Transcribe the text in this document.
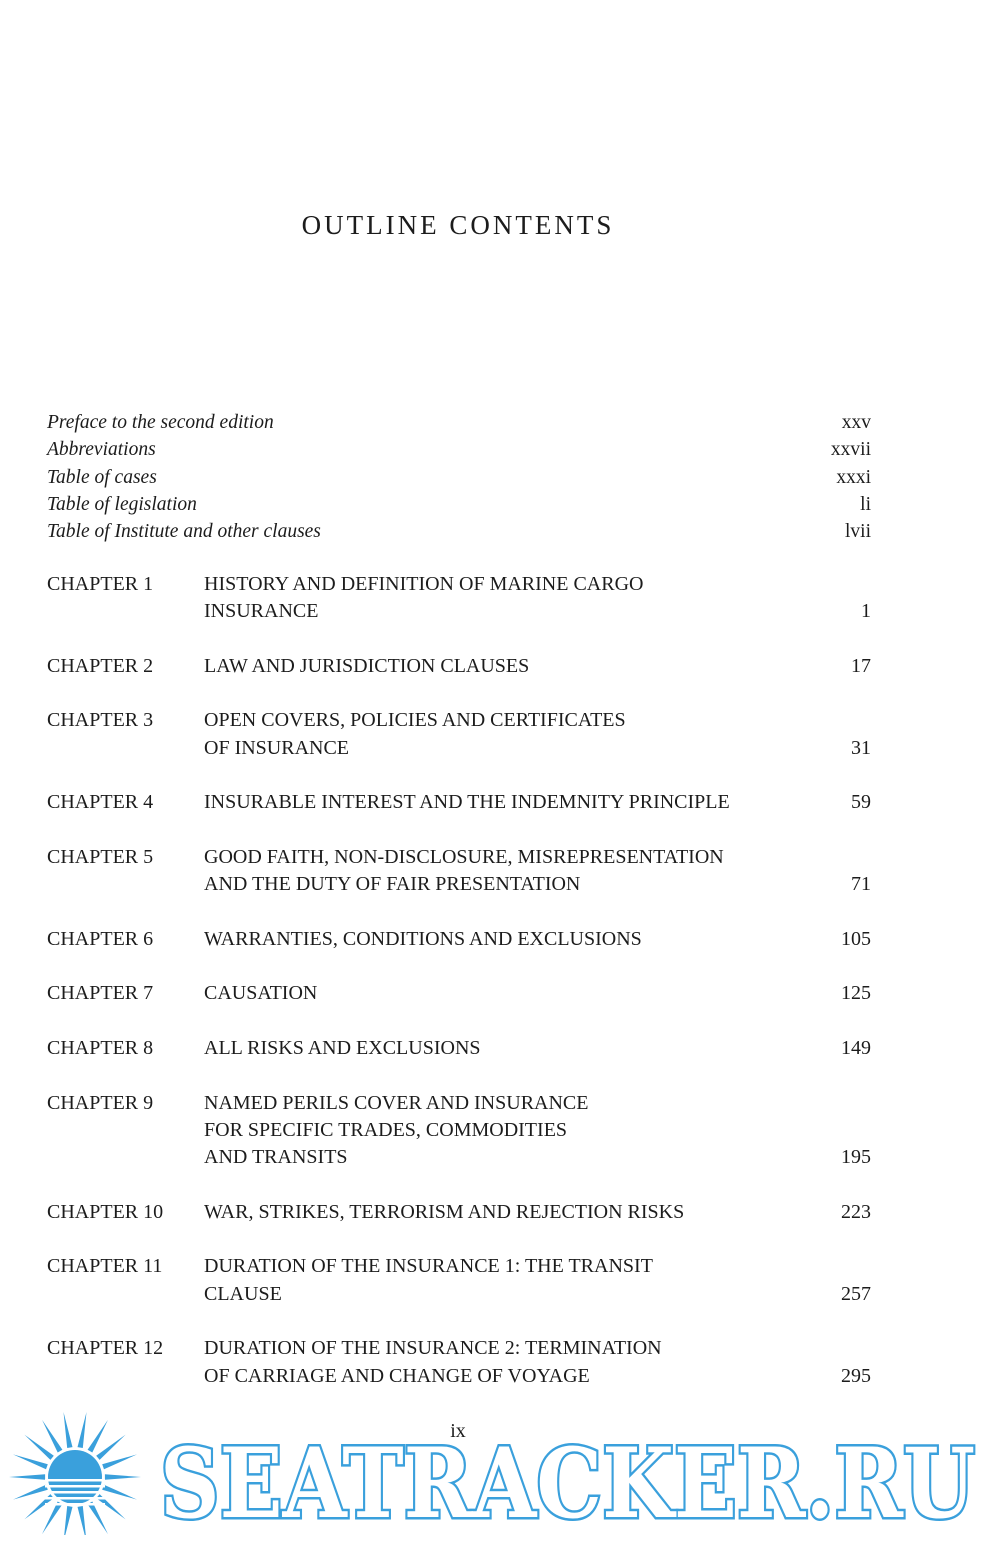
OUTLINE CONTENTS
Preface to the second edition	xxv
Abbreviations	xxvii
Table of cases	xxxi
Table of legislation	li
Table of Institute and other clauses	lvii
CHAPTER 1	HISTORY AND DEFINITION OF MARINE CARGO
INSURANCE	1
CHAPTER 2	LAW AND JURISDICTION CLAUSES	17
CHAPTER 3	OPEN COVERS, POLICIES AND CERTIFICATES
OF INSURANCE	31
CHAPTER 4	INSURABLE INTEREST AND THE INDEMNITY PRINCIPLE	59
CHAPTER 5	GOOD FAITH, NON-DISCLOSURE, MISREPRESENTATION
AND THE DUTY OF FAIR PRESENTATION	71
CHAPTER 6	WARRANTIES, CONDITIONS AND EXCLUSIONS	105
CHAPTER 7	CAUSATION	125
CHAPTER 8	ALL RISKS AND EXCLUSIONS	149
CHAPTER 9	NAMED PERILS COVER AND INSURANCE
FOR SPECIFIC TRADES, COMMODITIES
AND TRANSITS	195
CHAPTER 10	WAR, STRIKES, TERRORISM AND REJECTION RISKS	223
CHAPTER 11	DURATION OF THE INSURANCE 1: THE TRANSIT
CLAUSE	257
CHAPTER 12	DURATION OF THE INSURANCE 2: TERMINATION
OF CARRIAGE AND CHANGE OF VOYAGE	295
ix
SEATRACKER.RU
